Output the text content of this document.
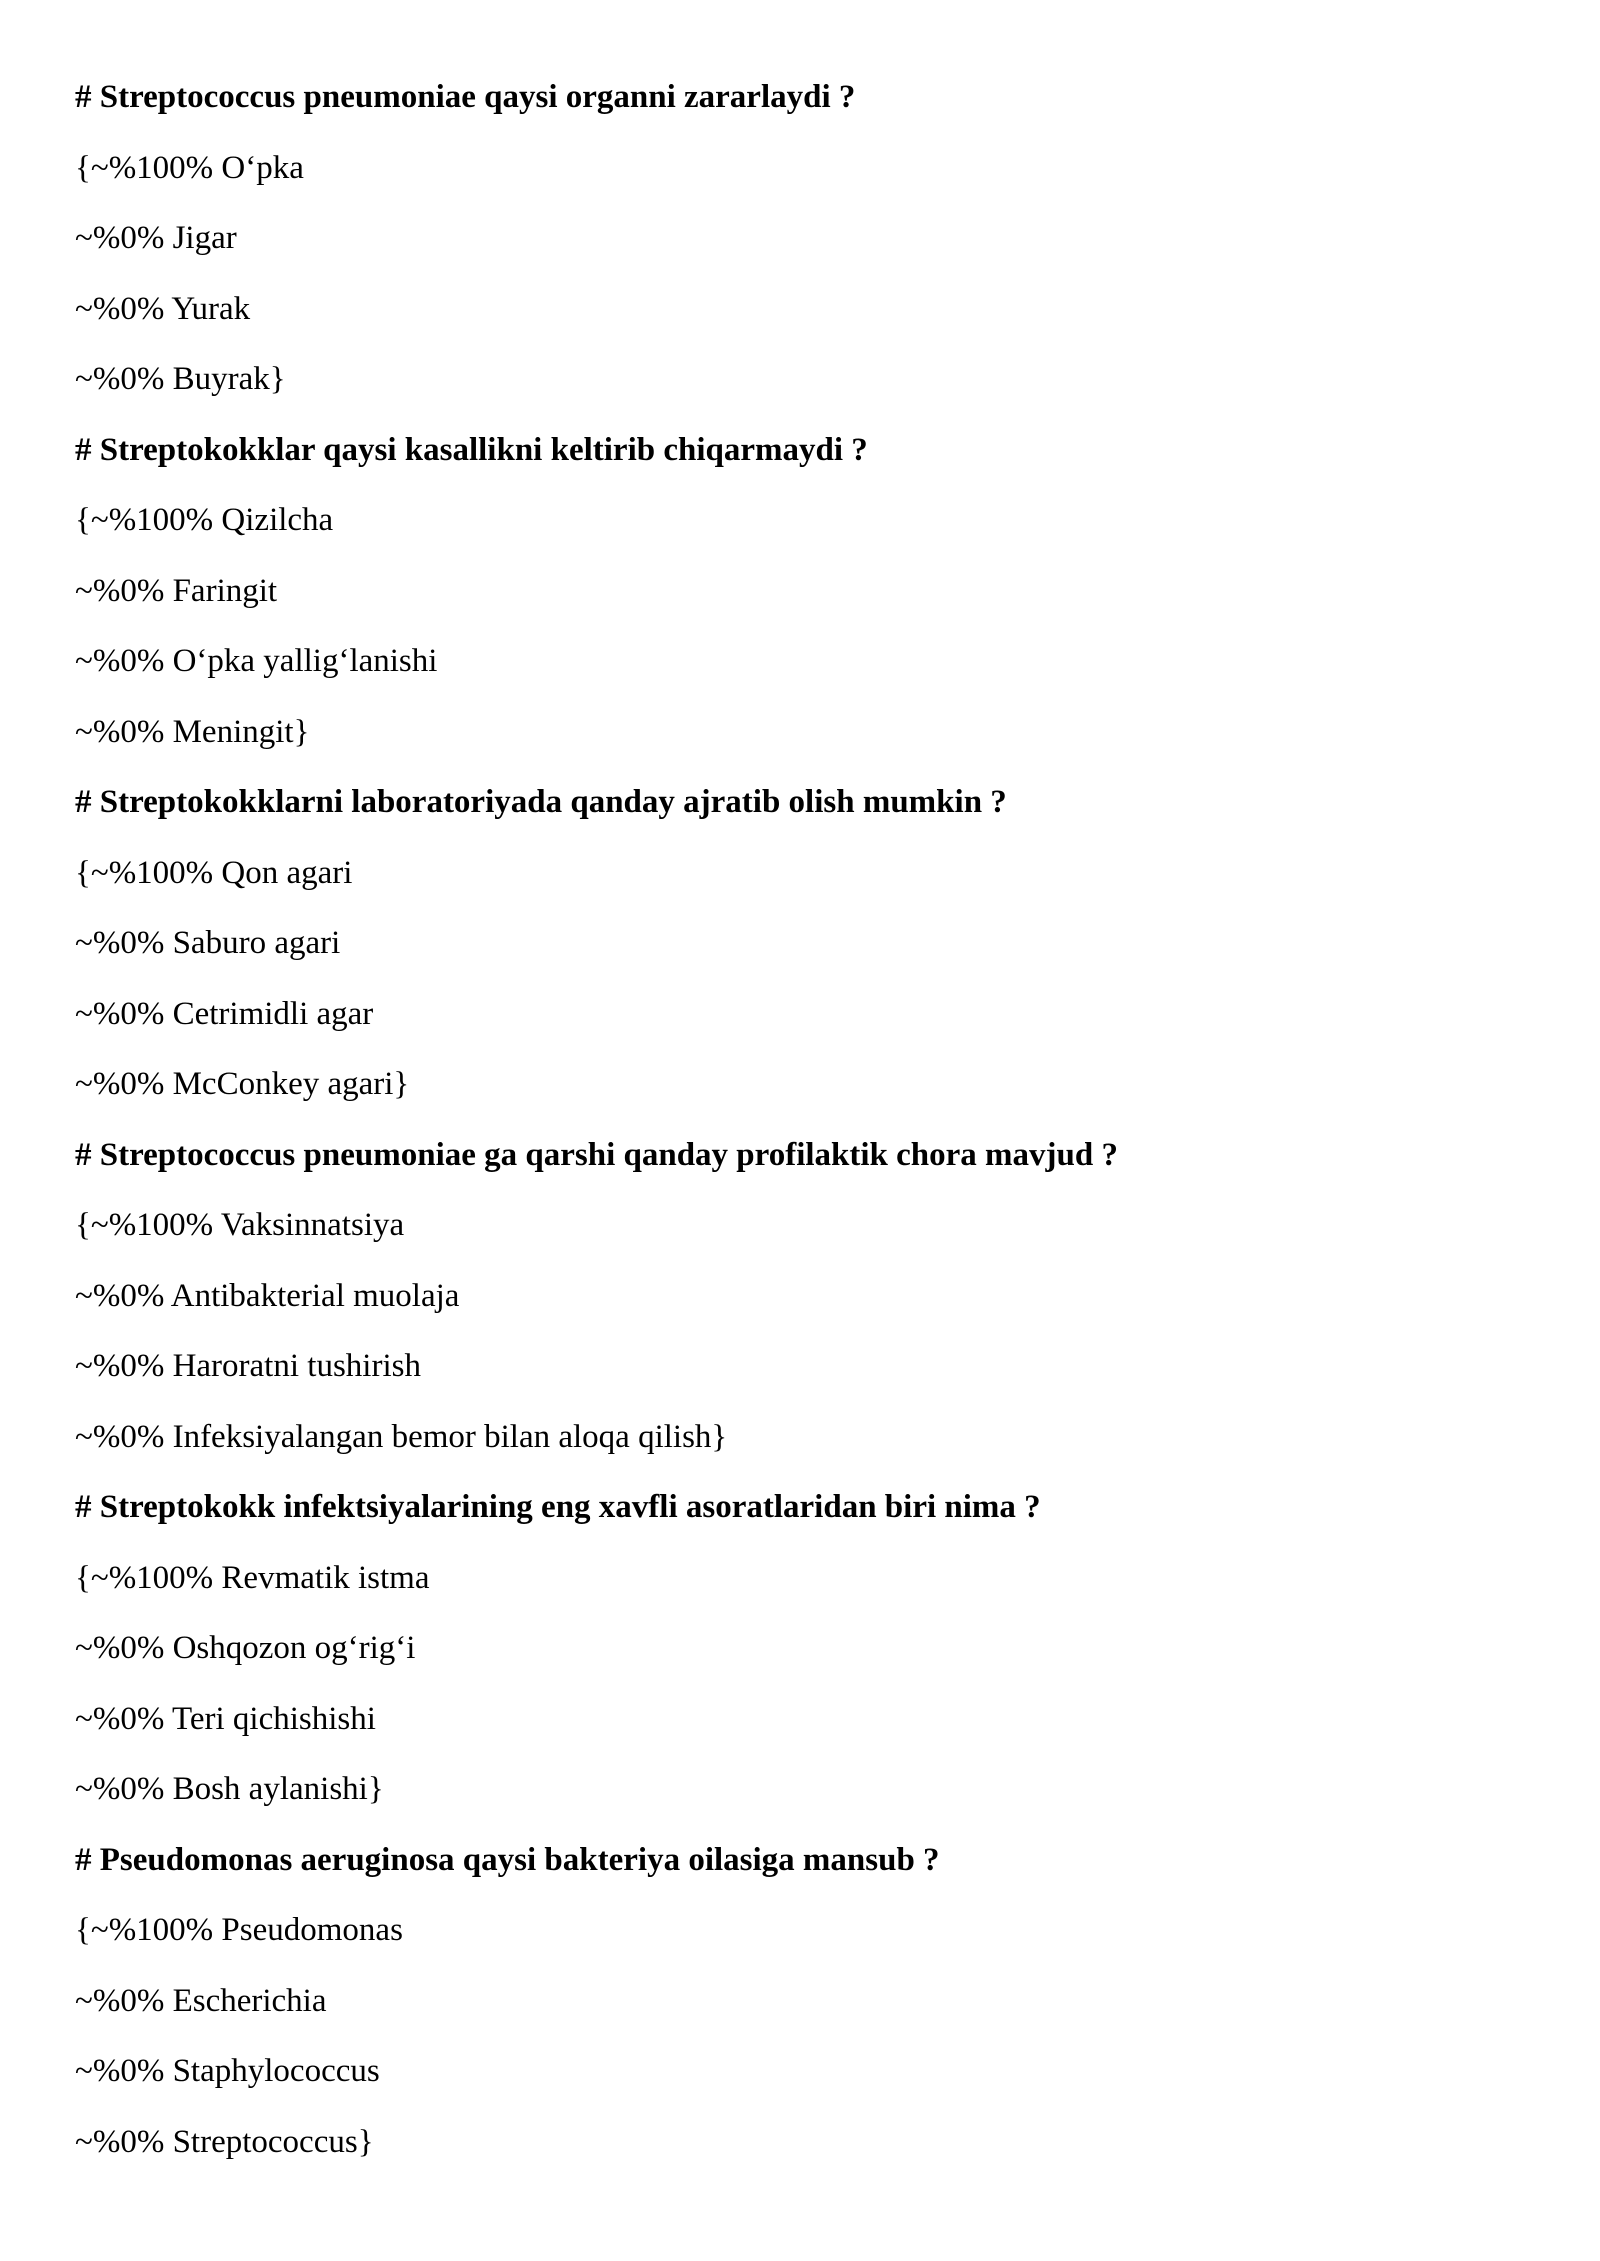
# Streptococcus pneumoniae qaysi organni zararlaydi ?
{~%100% O‘pka
~%0% Jigar
~%0% Yurak
~%0% Buyrak}
# Streptokokklar qaysi kasallikni keltirib chiqarmaydi ?
{~%100% Qizilcha
~%0% Faringit
~%0% O‘pka yallig‘lanishi
~%0% Meningit}
# Streptokokklarni laboratoriyada qanday ajratib olish mumkin ?
{~%100% Qon agari
~%0% Saburo agari
~%0% Cetrimidli agar
~%0% McConkey agari}
# Streptococcus pneumoniae ga qarshi qanday profilaktik chora mavjud ?
{~%100% Vaksinnatsiya
~%0% Antibakterial muolaja
~%0% Haroratni tushirish
~%0% Infeksiyalangan bemor bilan aloqa qilish}
# Streptokokk infektsiyalarining eng xavfli asoratlaridan biri nima ?
{~%100% Revmatik istma
~%0% Oshqozon og‘rig‘i
~%0% Teri qichishishi
~%0% Bosh aylanishi}
# Pseudomonas aeruginosa qaysi bakteriya oilasiga mansub ?
{~%100% Pseudomonas
~%0% Escherichia
~%0% Staphylococcus
~%0% Streptococcus}
